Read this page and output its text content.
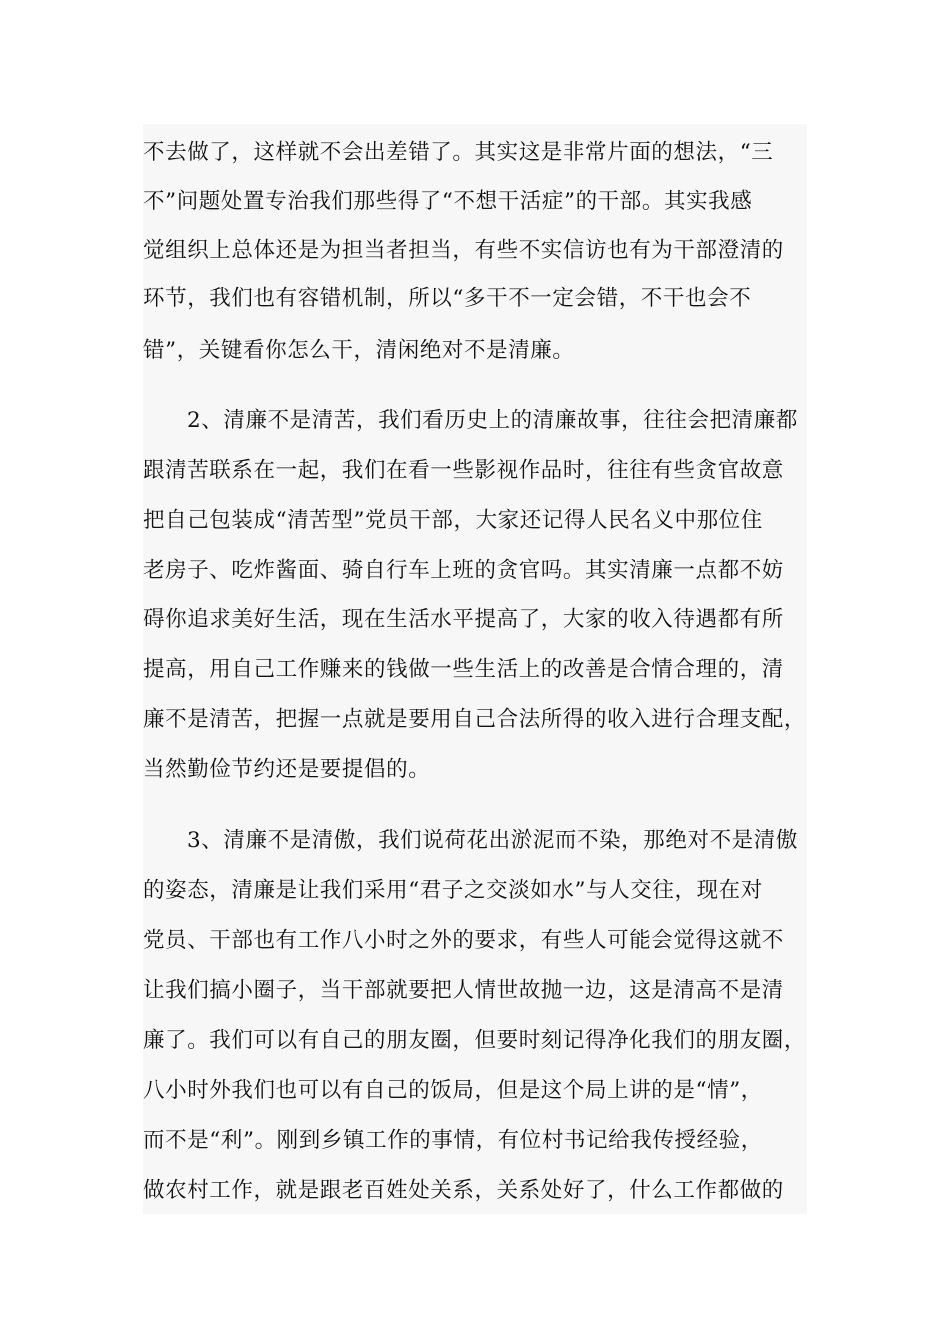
不去做了，这样就不会出差错了。其实这是非常片面的想法，“三
不”问题处置专治我们那些得了“不想干活症”的干部。其实我感
觉组织上总体还是为担当者担当，有些不实信访也有为干部澄清的
环节，我们也有容错机制，所以“多干不一定会错，不干也会不
错”，关键看你怎么干，清闲绝对不是清廉。
2、清廉不是清苦，我们看历史上的清廉故事，往往会把清廉都
跟清苦联系在一起，我们在看一些影视作品时，往往有些贪官故意
把自己包装成“清苦型”党员干部，大家还记得人民名义中那位住
老房子、吃炸酱面、骑自行车上班的贪官吗。其实清廉一点都不妨
碍你追求美好生活，现在生活水平提高了，大家的收入待遇都有所
提高，用自己工作赚来的钱做一些生活上的改善是合情合理的，清
廉不是清苦，把握一点就是要用自己合法所得的收入进行合理支配，
当然勤俭节约还是要提倡的。
3、清廉不是清傲，我们说荷花出淤泥而不染，那绝对不是清傲
的姿态，清廉是让我们采用“君子之交淡如水”与人交往，现在对
党员、干部也有工作八小时之外的要求，有些人可能会觉得这就不
让我们搞小圈子，当干部就要把人情世故抛一边，这是清高不是清
廉了。我们可以有自己的朋友圈，但要时刻记得净化我们的朋友圈，
八小时外我们也可以有自己的饭局，但是这个局上讲的是“情”，
而不是“利”。刚到乡镇工作的事情，有位村书记给我传授经验，
做农村工作，就是跟老百姓处关系，关系处好了，什么工作都做的
